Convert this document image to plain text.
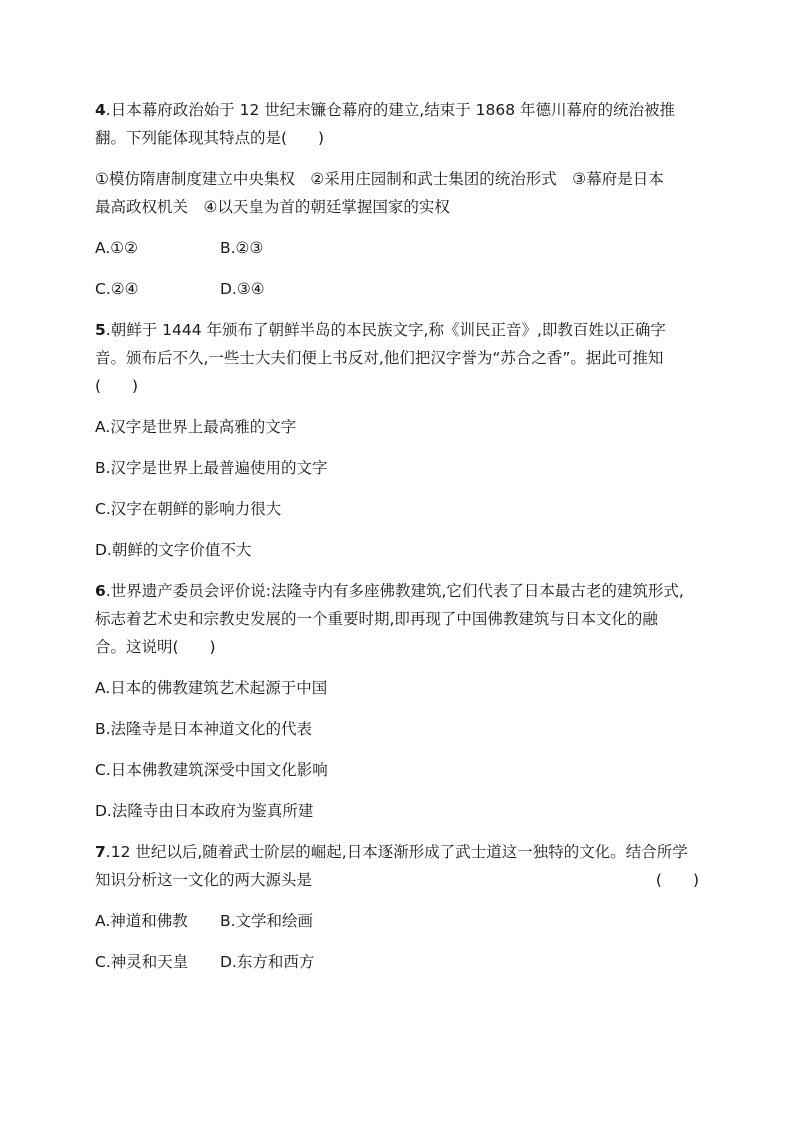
4.日本幕府政治始于 12 世纪末镰仓幕府的建立,结束于 1868 年德川幕府的统治被推
翻。下列能体现其特点的是(　　)
①模仿隋唐制度建立中央集权　②采用庄园制和武士集团的统治形式　③幕府是日本
最高政权机关　④以天皇为首的朝廷掌握国家的实权
A.①②	B.②③
C.②④	D.③④
5.朝鲜于 1444 年颁布了朝鲜半岛的本民族文字,称《训民正音》,即教百姓以正确字
音。颁布后不久,一些士大夫们便上书反对,他们把汉字誉为“苏合之香”。据此可推知
(　　)
A.汉字是世界上最高雅的文字
B.汉字是世界上最普遍使用的文字
C.汉字在朝鲜的影响力很大
D.朝鲜的文字价值不大
6.世界遗产委员会评价说:法隆寺内有多座佛教建筑,它们代表了日本最古老的建筑形式,
标志着艺术史和宗教史发展的一个重要时期,即再现了中国佛教建筑与日本文化的融
合。这说明(　　)
A.日本的佛教建筑艺术起源于中国
B.法隆寺是日本神道文化的代表
C.日本佛教建筑深受中国文化影响
D.法隆寺由日本政府为鉴真所建
7.12 世纪以后,随着武士阶层的崛起,日本逐渐形成了武士道这一独特的文化。结合所学
知识分析这一文化的两大源头是	(　　)
A.神道和佛教	B.文学和绘画
C.神灵和天皇	D.东方和西方
